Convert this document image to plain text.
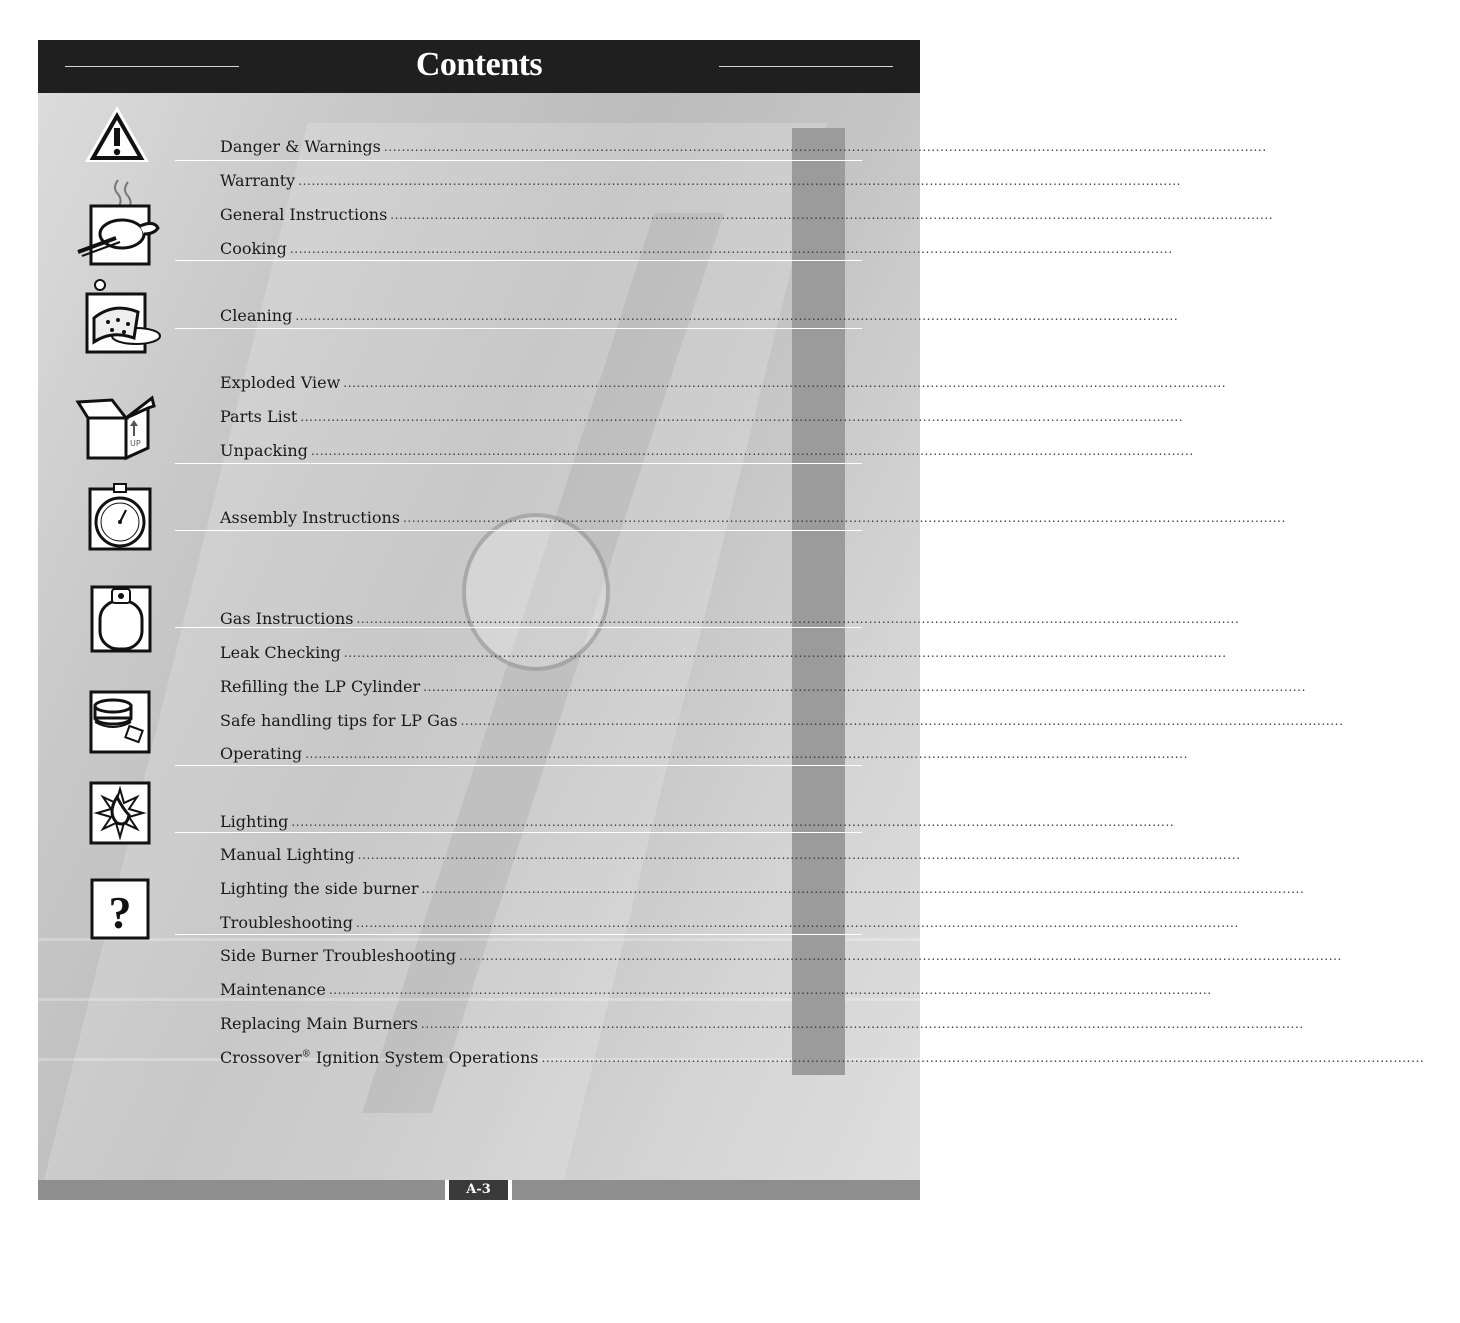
Contents
UP
?
Danger & Warnings ........................................................................................................................................................................................................ A-2
Warranty ........................................................................................................................................................................................................ A-4
General Instructions ........................................................................................................................................................................................................ A-5
Cooking ........................................................................................................................................................................................................ A-6
Cleaning ........................................................................................................................................................................................................ A-6
Exploded View ........................................................................................................................................................................................................ A-7
Parts List ........................................................................................................................................................................................................ A-9
Unpacking ........................................................................................................................................................................................................ A-10
Assembly Instructions ........................................................................................................................................................................................................ B-a
Gas Instructions ........................................................................................................................................................................................................ C-1
Leak Checking ........................................................................................................................................................................................................ C-3
Refilling the LP Cylinder ........................................................................................................................................................................................................ C-4
Safe handling tips for LP Gas ........................................................................................................................................................................................................ C-5
Operating ........................................................................................................................................................................................................ D-1
Lighting ........................................................................................................................................................................................................ D-1
Manual Lighting ........................................................................................................................................................................................................ D-2
Lighting the side burner ........................................................................................................................................................................................................ D-3
Troubleshooting ........................................................................................................................................................................................................ D-4
Side Burner Troubleshooting ........................................................................................................................................................................................................ D-5
Maintenance ........................................................................................................................................................................................................ E-1
Replacing Main Burners ........................................................................................................................................................................................................ E-2
Crossover® Ignition System Operations ........................................................................................................................................................................................................ E-2
A-3
